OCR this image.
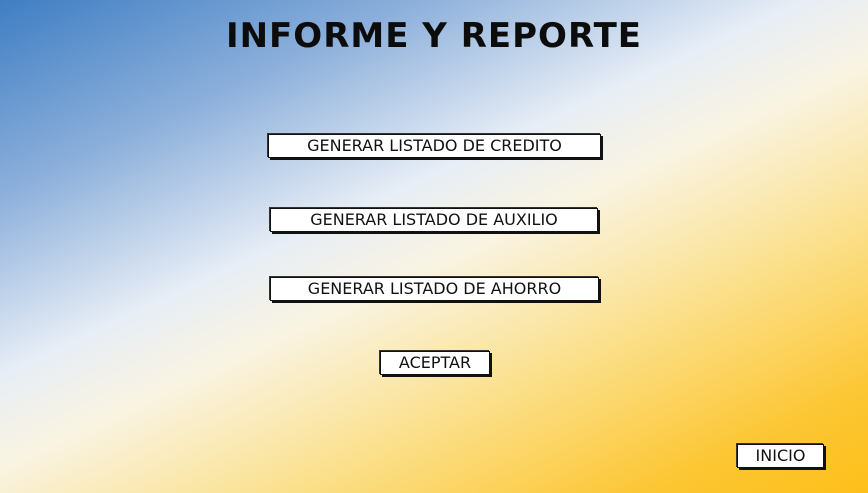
INFORME Y REPORTE
GENERAR LISTADO DE CREDITO
GENERAR LISTADO DE AUXILIO
GENERAR LISTADO DE AHORRO
ACEPTAR
INICIO
